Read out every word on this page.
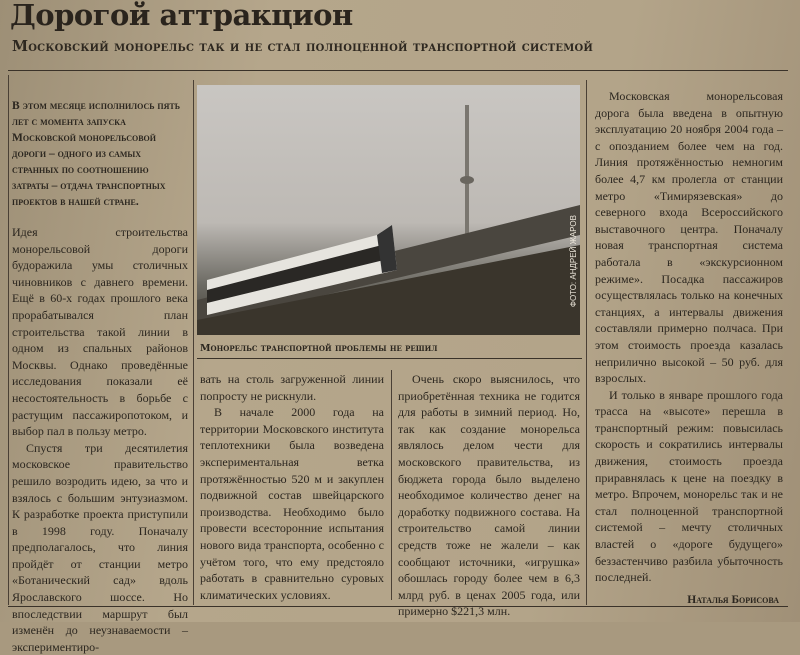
Дорогой аттракцион
Московский монорельс так и не стал полноценной транспортной системой
В этом месяце исполнилось пять лет с момента запуска Московской монорельсовой дороги – одного из самых странных по соотношению затраты – отдача транспортных проектов в нашей стране.

Идея строительства монорельсовой дороги будоражила умы столичных чиновников с давнего времени. Ещё в 60-х годах прошлого века прорабатывался план строительства такой линии в одном из спальных районов Москвы. Однако проведённые исследования показали её несостоятельность в борьбе с растущим пассажиропотоком, и выбор пал в пользу метро.

Спустя три десятилетия московское правительство решило возродить идею, за что и взялось с большим энтузиазмом. К разработке проекта приступили в 1998 году. Поначалу предполагалось, что линия пройдёт от станции метро «Ботанический сад» вдоль Ярославского шоссе. Но впоследствии маршрут был изменён до неузнаваемости – экспериментиро-

ФОТО: АНДРЕЙ ЖАРОВ
Монорельс транспортной проблемы не решил

вать на столь загруженной линии попросту не рискнули.

В начале 2000 года на территории Московского института теплотехники была возведена экспериментальная ветка протяжённостью 520 м и закуплен подвижной состав швейцарского производства. Необходимо было провести всесторонние испытания нового вида транспорта, особенно с учётом того, что ему предстояло работать в сравнительно суровых климатических условиях.

Очень скоро выяснилось, что приобретённая техника не годится для работы в зимний период. Но, так как создание монорельса являлось делом чести для московского правительства, из бюджета города было выделено необходимое количество денег на доработку подвижного состава. На строительство самой линии средств тоже не жалели – как сообщают источники, «игрушка» обошлась городу более чем в 6,3 млрд руб. в ценах 2005 года, или примерно $221,3 млн.

Московская монорельсовая дорога была введена в опытную эксплуатацию 20 ноября 2004 года – с опозданием более чем на год. Линия протяжённостью немногим более 4,7 км пролегла от станции метро «Тимирязевская» до северного входа Всероссийского выставочного центра. Поначалу новая транспортная система работала в «экскурсионном режиме». Посадка пассажиров осуществлялась только на конечных станциях, а интервалы движения составляли примерно полчаса. При этом стоимость проезда казалась неприлично высокой – 50 руб. для взрослых.

И только в январе прошлого года трасса на «высоте» перешла в транспортный режим: повысилась скорость и сократились интервалы движения, стоимость проезда приравнялась к цене на поездку в метро. Впрочем, монорельс так и не стал полноценной транспортной системой – мечту столичных властей о «дороге будущего» беззастенчиво разбила убыточность последней.

Наталья Борисова
